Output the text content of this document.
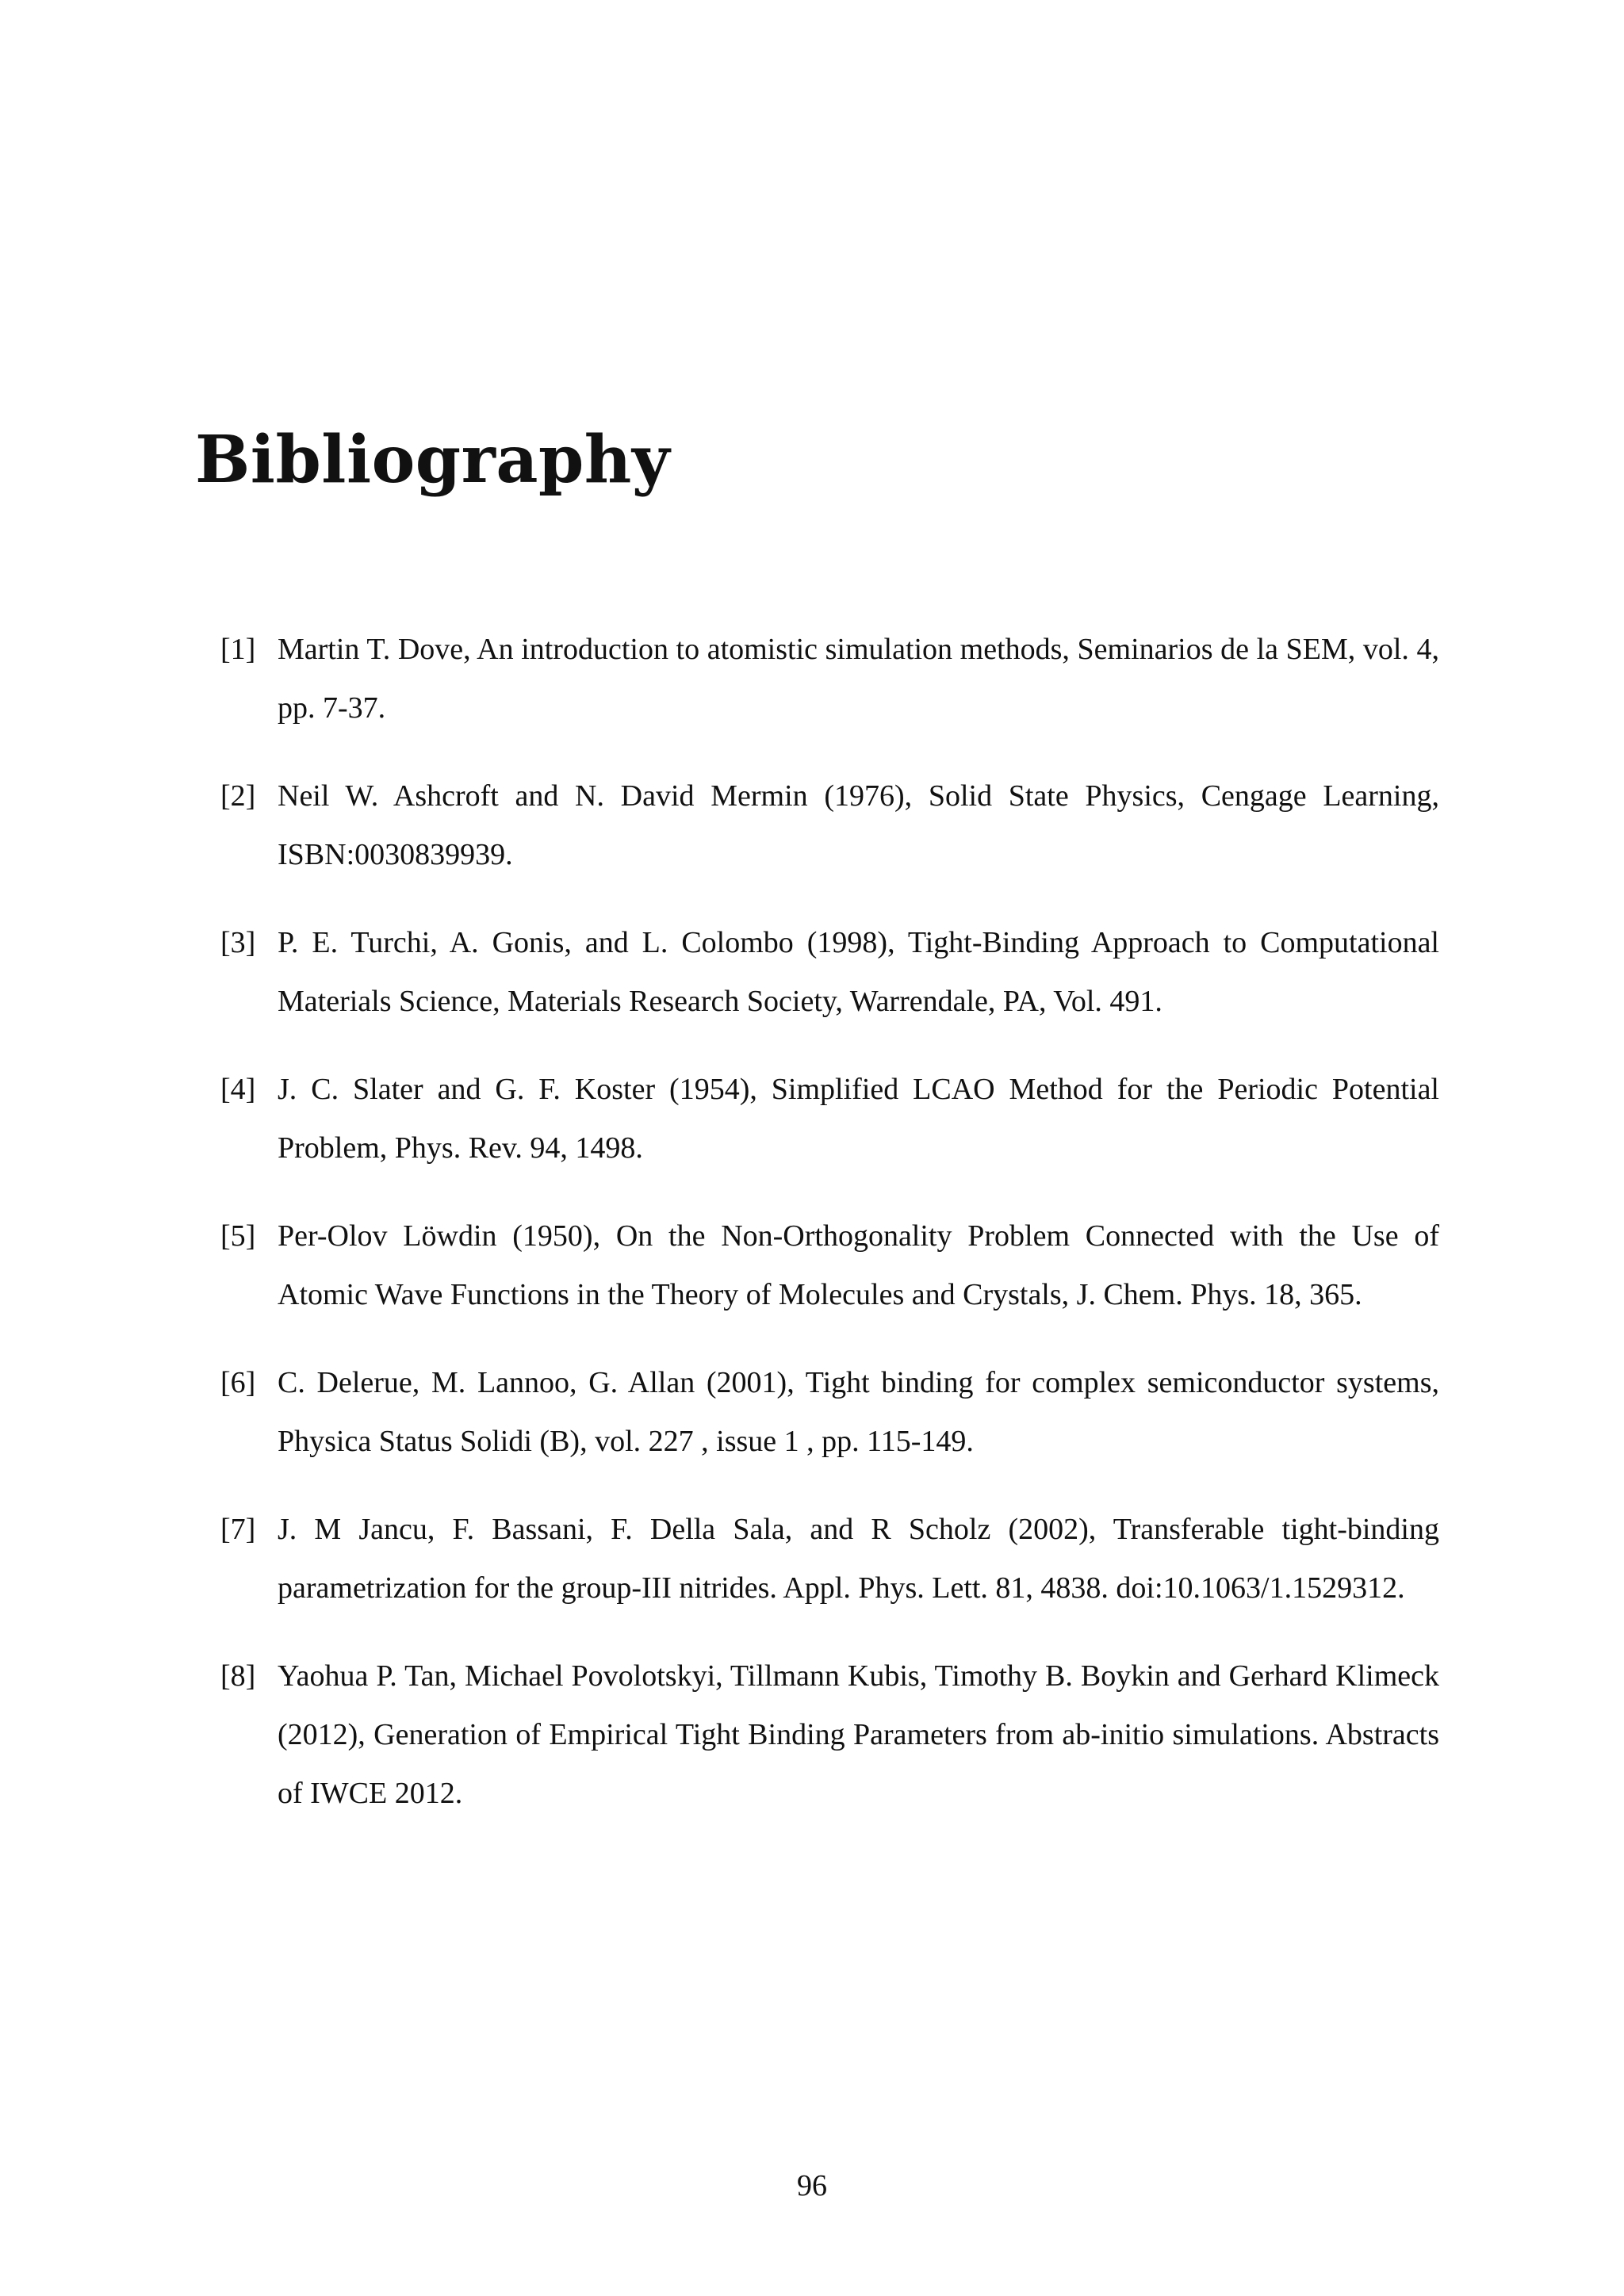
Bibliography
[1] Martin T. Dove, An introduction to atomistic simulation methods, Seminarios de la SEM, vol. 4, pp. 7-37.
[2] Neil W. Ashcroft and N. David Mermin (1976), Solid State Physics, Cengage Learning, ISBN:0030839939.
[3] P. E. Turchi, A. Gonis, and L. Colombo (1998), Tight-Binding Approach to Computational Materials Science, Materials Research Society, Warrendale, PA, Vol. 491.
[4] J. C. Slater and G. F. Koster (1954), Simplified LCAO Method for the Periodic Potential Problem, Phys. Rev. 94, 1498.
[5] Per-Olov Löwdin (1950), On the Non-Orthogonality Problem Connected with the Use of Atomic Wave Functions in the Theory of Molecules and Crystals, J. Chem. Phys. 18, 365.
[6] C. Delerue, M. Lannoo, G. Allan (2001), Tight binding for complex semiconductor systems, Physica Status Solidi (B), vol. 227 , issue 1 , pp. 115-149.
[7] J. M Jancu, F. Bassani, F. Della Sala, and R Scholz (2002), Transferable tight-binding parametrization for the group-III nitrides. Appl. Phys. Lett. 81, 4838. doi:10.1063/1.1529312.
[8] Yaohua P. Tan, Michael Povolotskyi, Tillmann Kubis, Timothy B. Boykin and Gerhard Klimeck (2012), Generation of Empirical Tight Binding Parameters from ab-initio simulations. Abstracts of IWCE 2012.
96
